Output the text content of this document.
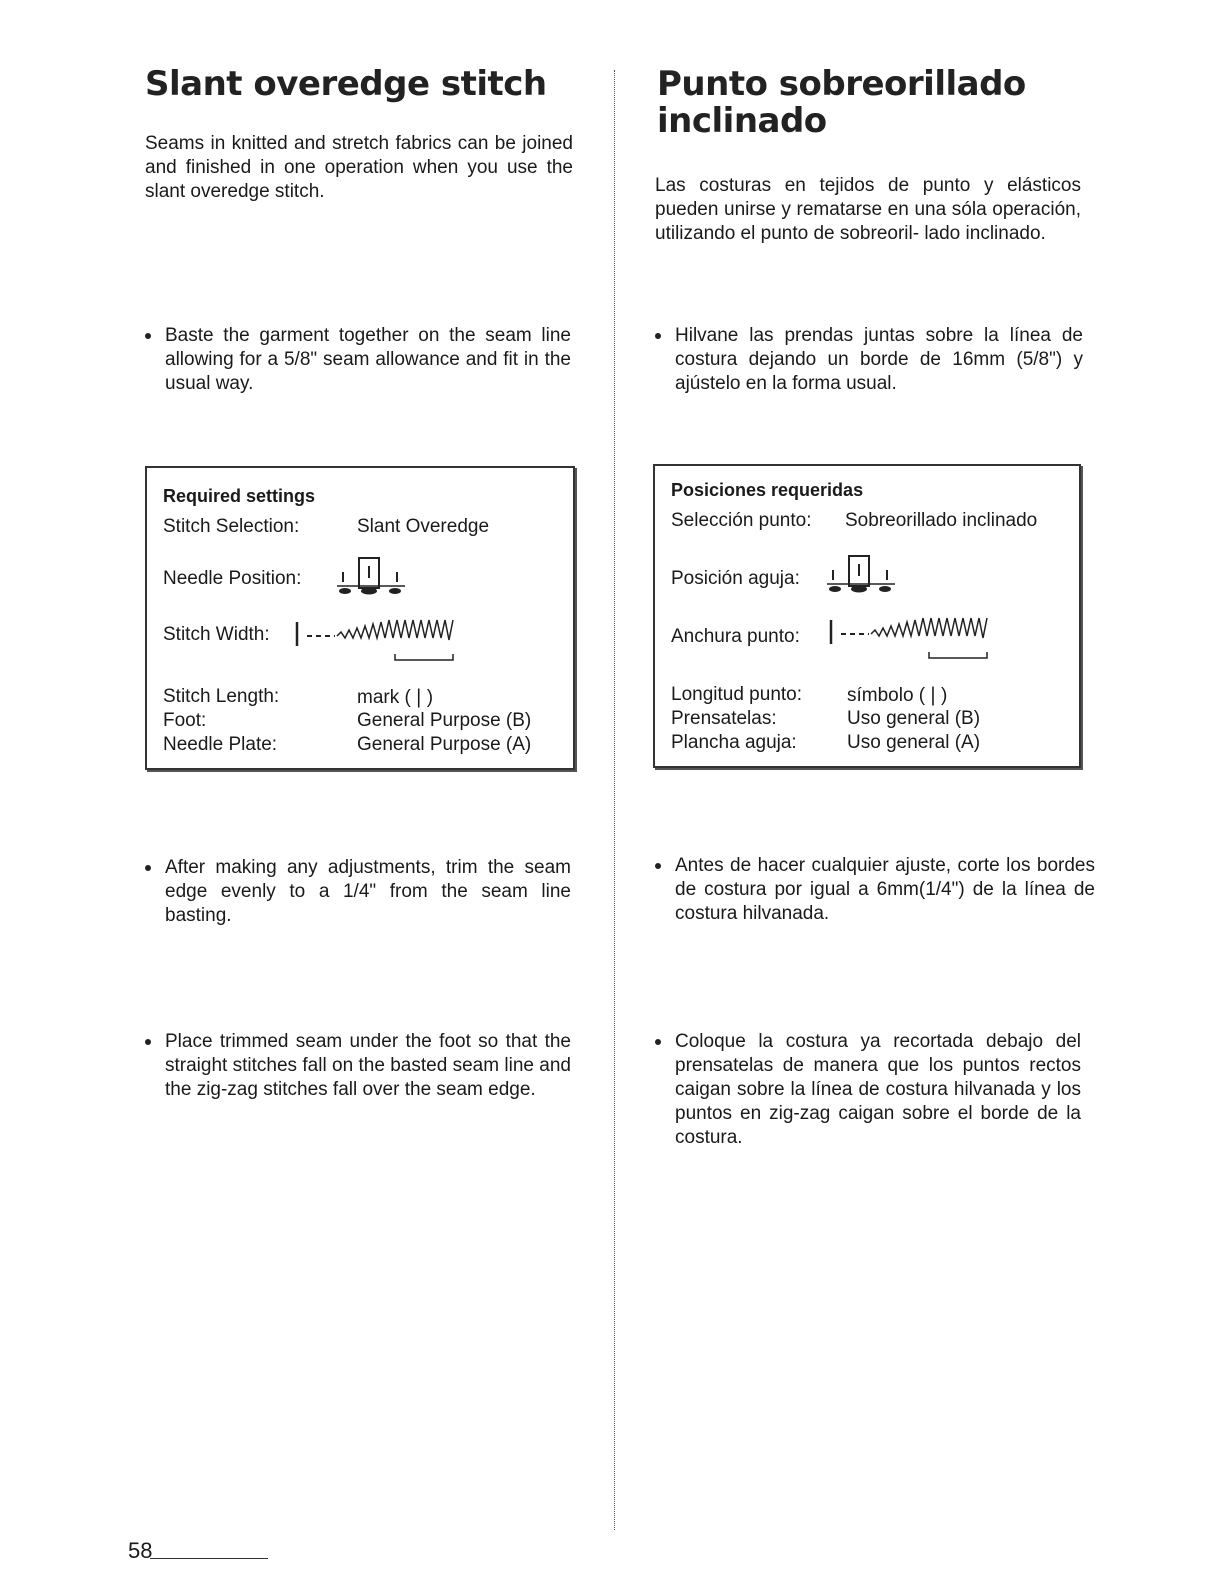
Slant overedge stitch

Seams in knitted and stretch fabrics can be joined and finished in one operation when you use the slant overedge stitch.

Baste the garment together on the seam line allowing for a 5/8" seam allowance and fit in the usual way.
Required settings
Stitch Selection:	Slant Overedge
Needle Position:
Stitch Width:
Stitch Length:	mark (❘)
Foot:	General Purpose (B)
Needle Plate:	General Purpose (A)
After making any adjustments, trim the seam edge evenly to a 1/4" from the seam line basting.
Place trimmed seam under the foot so that the straight stitches fall on the basted seam line and the zig-zag stitches fall over the seam edge.
Punto sobreorillado inclinado

Las costuras en tejidos de punto y elásticos pueden unirse y rematarse en una sóla operación, utilizando el punto de sobreoril- lado inclinado.

Hilvane las prendas juntas sobre la línea de costura dejando un borde de 16mm (5/8") y ajústelo en la forma usual.
Posiciones requeridas
Selección punto: Sobreorillado inclinado
Posición aguja:
Anchura punto:
Longitud punto: símbolo (❘)
Prensatelas:	Uso general (B)
Plancha aguja:	Uso general (A)
Antes de hacer cualquier ajuste, corte los bordes de costura por igual a 6mm(1/4") de la línea de costura hilvanada.
Coloque la costura ya recortada debajo del prensatelas de manera que los puntos rectos caigan sobre la línea de costura hilvanada y los puntos en zig-zag caigan sobre el borde de la costura.
58
